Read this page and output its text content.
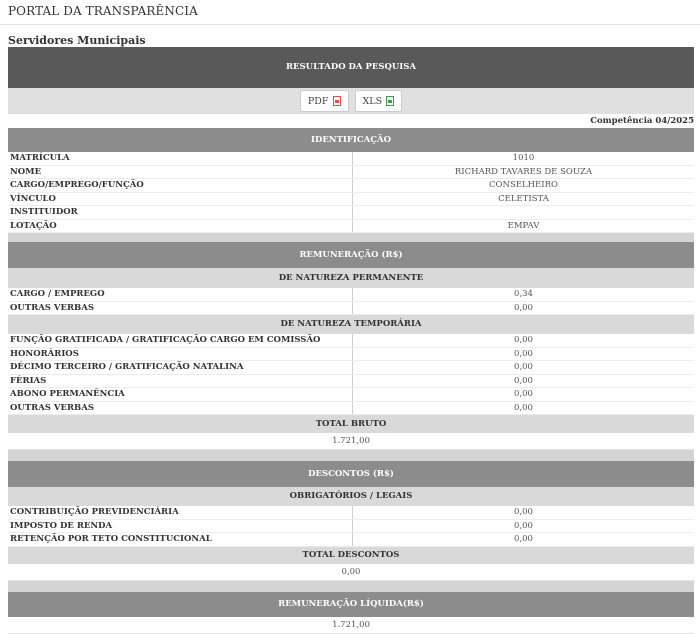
PORTAL DA TRANSPARÊNCIA
Servidores Municipais
RESULTADO DA PESQUISA
PDF	XLS
Competência 04/2025
IDENTIFICAÇÃO
MATRÍCULA	1010
NOME	RICHARD TAVARES DE SOUZA
CARGO/EMPREGO/FUNÇÃO	CONSELHEIRO
VÍNCULO	CELETISTA
INSTITUIDOR
LOTAÇÃO	EMPAV
REMUNERAÇÃO (R$)
DE NATUREZA PERMANENTE
CARGO / EMPREGO	0,34
OUTRAS VERBAS	0,00
DE NATUREZA TEMPORÁRIA
FUNÇÃO GRATIFICADA / GRATIFICAÇÃO CARGO EM COMISSÃO	0,00
HONORÁRIOS	0,00
DÉCIMO TERCEIRO / GRATIFICAÇÃO NATALINA	0,00
FÉRIAS	0,00
ABONO PERMANÊNCIA	0,00
OUTRAS VERBAS	0,00
TOTAL BRUTO
1.721,00
DESCONTOS (R$)
OBRIGATÓRIOS / LEGAIS
CONTRIBUIÇÃO PREVIDENCIÁRIA	0,00
IMPOSTO DE RENDA	0,00
RETENÇÃO POR TETO CONSTITUCIONAL	0,00
TOTAL DESCONTOS
0,00
REMUNERAÇÃO LÍQUIDA(R$)
1.721,00
